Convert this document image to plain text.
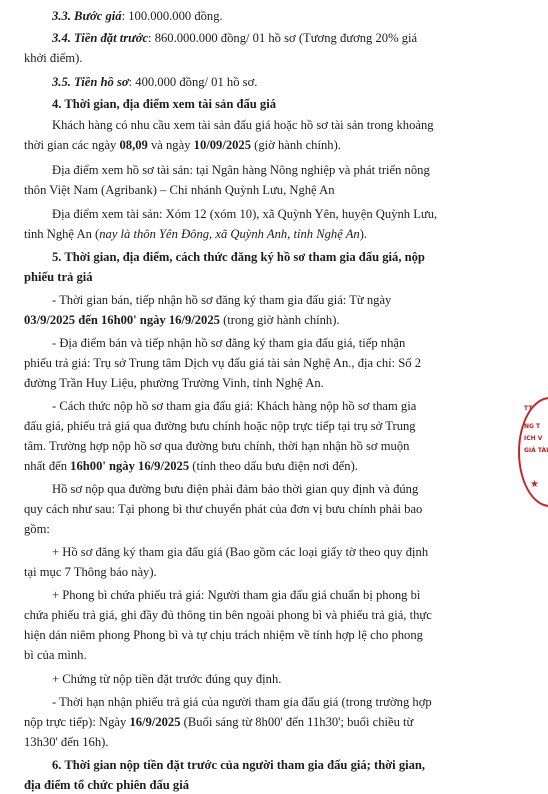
3.3. Bước giá: 100.000.000 đồng.

3.4. Tiền đặt trước: 860.000.000 đồng/ 01 hồ sơ (Tương đương 20% giá

khởi điểm).

3.5. Tiền hồ sơ: 400.000 đồng/ 01 hồ sơ.

4. Thời gian, địa điểm xem tài sản đấu giá

Khách hàng có nhu cầu xem tài sản đấu giá hoặc hồ sơ tài sản trong khoảng

thời gian các ngày 08,09 và ngày 10/09/2025 (giờ hành chính).

Địa điểm xem hồ sơ tài sản: tại Ngân hàng Nông nghiệp và phát triển nông

thôn Việt Nam (Agribank) – Chi nhánh Quỳnh Lưu, Nghệ An

Địa điểm xem tài sản: Xóm 12 (xóm 10), xã Quỳnh Yên, huyện Quỳnh Lưu,

tỉnh Nghệ An (nay là thôn Yên Đông, xã Quỳnh Anh, tỉnh Nghệ An).

5. Thời gian, địa điểm, cách thức đăng ký hồ sơ tham gia đấu giá, nộp

phiếu trả giá

- Thời gian bán, tiếp nhận hồ sơ đăng ký tham gia đấu giá: Từ ngày

03/9/2025 đến 16h00' ngày 16/9/2025 (trong giờ hành chính).

- Địa điểm bán và tiếp nhận hồ sơ đăng ký tham gia đấu giá, tiếp nhận

phiếu trả giá: Trụ sở Trung tâm Dịch vụ đấu giá tài sản Nghệ An., địa chỉ: Số 2

đường Trần Huy Liệu, phường Trường Vinh, tỉnh Nghệ An.

- Cách thức nộp hồ sơ tham gia đấu giá: Khách hàng nộp hồ sơ tham gia

đấu giá, phiếu trả giá qua đường bưu chính hoặc nộp trực tiếp tại trụ sở Trung

tâm. Trường hợp nộp hồ sơ qua đường bưu chính, thời hạn nhận hồ sơ muộn

nhất đến 16h00' ngày 16/9/2025 (tính theo dấu bưu điện nơi đến).

Hồ sơ nộp qua đường bưu điện phải đảm bảo thời gian quy định và đúng

quy cách như sau: Tại phong bì thư chuyển phát của đơn vị bưu chính phải bao

gồm:

+ Hồ sơ đăng ký tham gia đấu giá (Bao gồm các loại giấy tờ theo quy định

tại mục 7 Thông báo này).

+ Phong bì chứa phiếu trả giá: Người tham gia đấu giá chuẩn bị phong bì

chứa phiếu trả giá, ghi đầy đủ thông tin bên ngoài phong bì và phiếu trả giá, thực

hiện dán niêm phong Phong bì và tự chịu trách nhiệm về tính hợp lệ cho phong

bì của mình.

+ Chứng từ nộp tiền đặt trước đúng quy định.

- Thời hạn nhận phiếu trả giá của người tham gia đấu giá (trong trường hợp

nộp trực tiếp): Ngày 16/9/2025 (Buổi sáng từ 8h00' đến 11h30'; buổi chiều từ

13h30' đến 16h).

6. Thời gian nộp tiền đặt trước của người tham gia đấu giá; thời gian,

địa điểm tổ chức phiên đấu giá

TT
NG T
ICH V
GIÁ TÀI
★
